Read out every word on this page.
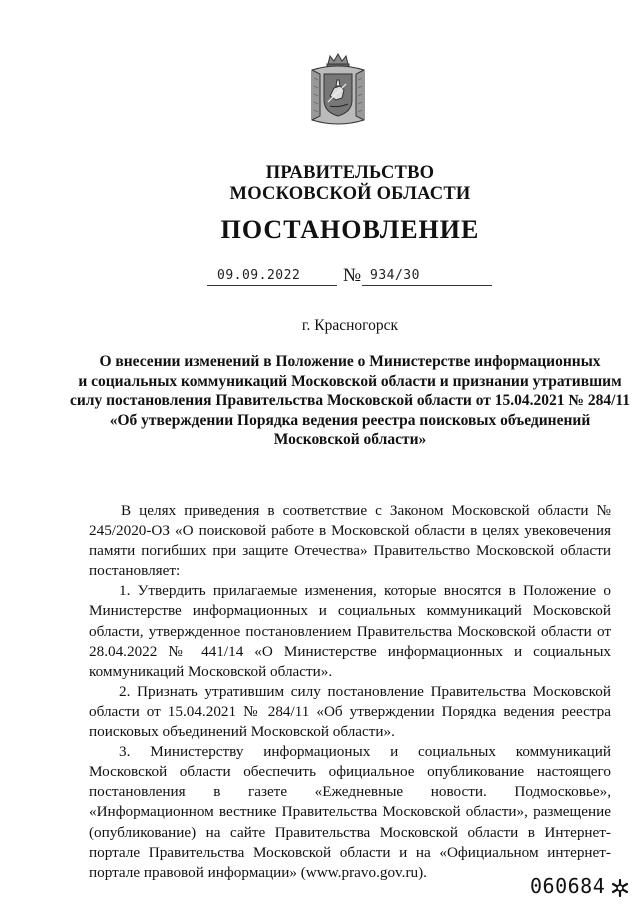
ПРАВИТЕЛЬСТВО
МОСКОВСКОЙ ОБЛАСТИ
ПОСТАНОВЛЕНИЕ
09.09.2022	№ 934/30
г. Красногорск
О внесении изменений в Положение о Министерстве информационных
и социальных коммуникаций Московской области и признании утратившим
силу постановления Правительства Московской области от 15.04.2021 № 284/11
«Об утверждении Порядка ведения реестра поисковых объединений
Московской области»

В целях приведения в соответствие с Законом Московской области № 245/2020-ОЗ «О поисковой работе в Московской области в целях увековечения памяти погибших при защите Отечества» Правительство Московской области постановляет:

1. Утвердить прилагаемые изменения, которые вносятся в Положение о Министерстве информационных и социальных коммуникаций Московской области, утвержденное постановлением Правительства Московской области от 28.04.2022 № 441/14 «О Министерстве информационных и социальных коммуникаций Московской области».

2. Признать утратившим силу постановление Правительства Московской области от 15.04.2021 № 284/11 «Об утверждении Порядка ведения реестра поисковых объединений Московской области».

3. Министерству информационых и социальных коммуникаций Московской области обеспечить официальное опубликование настоящего постановления в газете «Ежедневные новости. Подмосковье», «Информационном вестнике Правительства Московской области», размещение (опубликование) на сайте Правительства Московской области в Интернет-портале Правительства Московской области и на «Официальном интернет-портале правовой информации» (www.pravo.gov.ru).

060684
